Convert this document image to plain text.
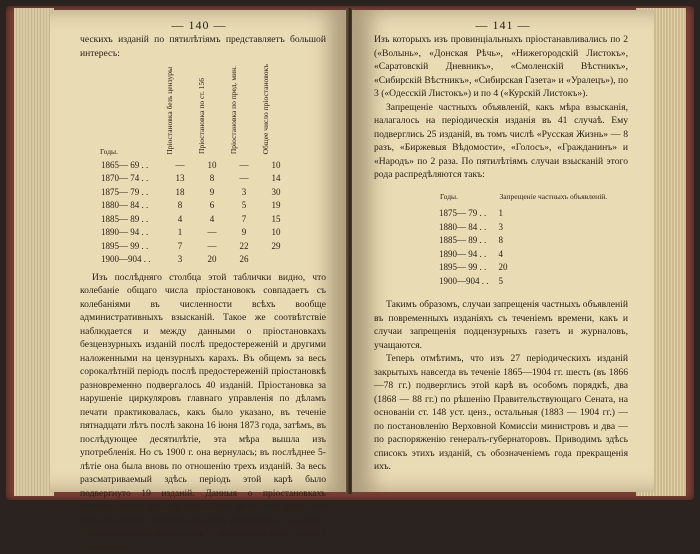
— 140 —

ческихъ изданій по пятилѣтіямъ представляетъ большой интересъ:

Годы.	Пріостановка безъ цензуры	Пріостановка по ст. 156	Пріостановка по пред. мин.	Общее число пріостановокъ
1865— 69 . .	—	10	—	10
1870— 74 . .	13	8	—	14
1875— 79 . .	18	9	3	30
1880— 84 . .	8	6	5	19
1885— 89 . .	4	4	7	15
1890— 94 . .	1	—	9	10
1895— 99 . .	7	—	22	29
1900—904 . .	3	20	26	

Изъ послѣдняго столбца этой таблички видно, что колебаніе общаго числа пріостановокъ совпадаетъ съ колебаніями въ численности всѣхъ вообще административныхъ взысканій. Такое же соотвѣтствіе наблюдается и между данными о пріостановкахъ безцензурныхъ изданій послѣ предостереженій и другими наложенными на цензурныхъ карахъ. Въ общемъ за весь сорокалѣтній періодъ послѣ предостереженій пріостановкѣ разновременно подвергалось 40 изданій. Пріостановка за нарушеніе циркуляровъ главнаго управленія по дѣламъ печати практиковалась, какъ было указано, въ теченіе пятнадцати лѣтъ послѣ закона 16 іюня 1873 года, затѣмъ, въ послѣдующее десятилѣтіе, эта мѣра вышла изъ употребленія. Но съ 1900 г. она вернулась; въ послѣднее 5-лѣтіе она была вновь по отношенію трехъ изданій. За весь разсматриваемый здѣсь періодъ этой карѣ было подвергнуто 19 изданій. Данныя о пріостановкахъ подцензурныхъ изданій указываютъ на то, что роль этой мѣры въ общей системѣ взысканій возрастаетъ съ годами. Этому взысканію подверглось 53 изданія, изъ нихъ только 3 столичныхъ

— 141 —

Изъ которыхъ изъ провинціальныхъ пріостанавливались по 2 («Волынь», «Донская Рѣчь», «Нижегородскій Листокъ», «Саратовскій Дневникъ», «Смоленскій Вѣстникъ», «Сибирскій Вѣстникъ», «Сибирская Газета» и «Уралецъ»), по 3 («Одесскій Листокъ») и по 4 («Курскій Листокъ»).

Запрещеніе частныхъ объявленій, какъ мѣра взысканія, налагалось на періодическія изданія въ 41 случаѣ. Ему подверглись 25 изданій, въ томъ числѣ «Русская Жизнь» — 8 разъ, «Биржевыя Вѣдомости», «Голосъ», «Гражданинъ» и «Народъ» по 2 раза. По пятилѣтіямъ случаи взысканій этого рода распредѣляются такъ:

Годы.	Запрещеніе частныхъ объявленій.
1875— 79 . .	1
1880— 84 . .	3
1885— 89 . .	8
1890— 94 . .	4
1895— 99 . .	20
1900—904 . .	5

Такимъ образомъ, случаи запрещенія частныхъ объявленій въ повременныхъ изданіяхъ съ теченіемъ времени, какъ и случаи запрещенія подцензурныхъ газетъ и журналовъ, учащаются.

Теперь отмѣтимъ, что изъ 27 періодическихъ изданій закрытыхъ навсегда въ теченіе 1865—1904 гг. шесть (въ 1866—78 гг.) подверглись этой карѣ въ особомъ порядкѣ, два (1868 — 88 гг.) по рѣшенію Правительствующаго Сената, на основаніи ст. 148 уст. ценз., остальныя (1883 — 1904 гг.) — по постановленію Верховной Комиссіи министровъ и два — по распоряженію генералъ-губернаторовъ. Приводимъ здѣсь списокъ этихъ изданій, съ обозначеніемъ года прекращенія ихъ.
